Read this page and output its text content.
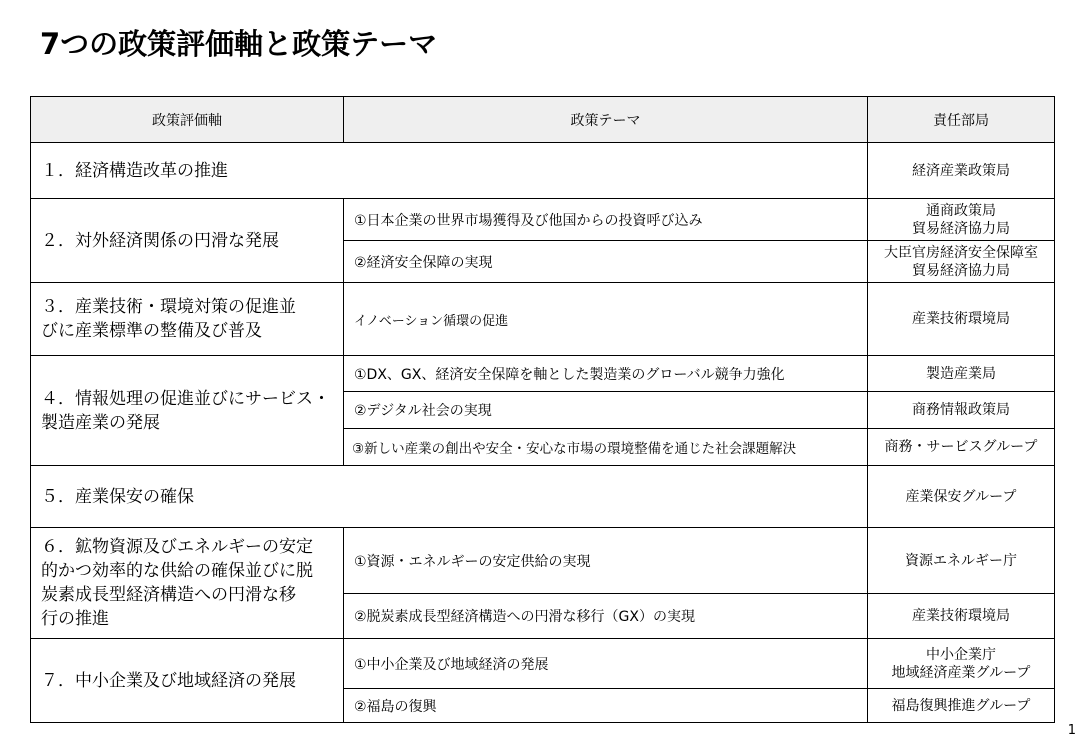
7つの政策評価軸と政策テーマ
政策評価軸	政策テーマ	責任部局
１．経済構造改革の推進		経済産業政策局
２．対外経済関係の円滑な発展	①日本企業の世界市場獲得及び他国からの投資呼び込み	通商政策局
貿易経済協力局

	②経済安全保障の実現	大臣官房経済安全保障室
貿易経済協力局

３．産業技術・環境対策の促進並
びに産業標準の整備及び普及	イノベーション循環の促進	産業技術環境局

４．情報処理の促進並びにサービス・
製造産業の発展	①DX、GX、経済安全保障を軸とした製造業のグローバル競争力強化	製造産業局
	②デジタル社会の実現	商務情報政策局
	③新しい産業の創出や安全・安心な市場の環境整備を通じた社会課題解決	商務・サービスグループ
５．産業保安の確保		産業保安グループ

６．鉱物資源及びエネルギーの安定
的かつ効率的な供給の確保並びに脱
炭素成長型経済構造への円滑な移
行の推進	①資源・エネルギーの安定供給の実現	資源エネルギー庁
	②脱炭素成長型経済構造への円滑な移行（GX）の実現	産業技術環境局
７．中小企業及び地域経済の発展	①中小企業及び地域経済の発展	中小企業庁
地域経済産業グループ

	②福島の復興	福島復興推進グループ
1
